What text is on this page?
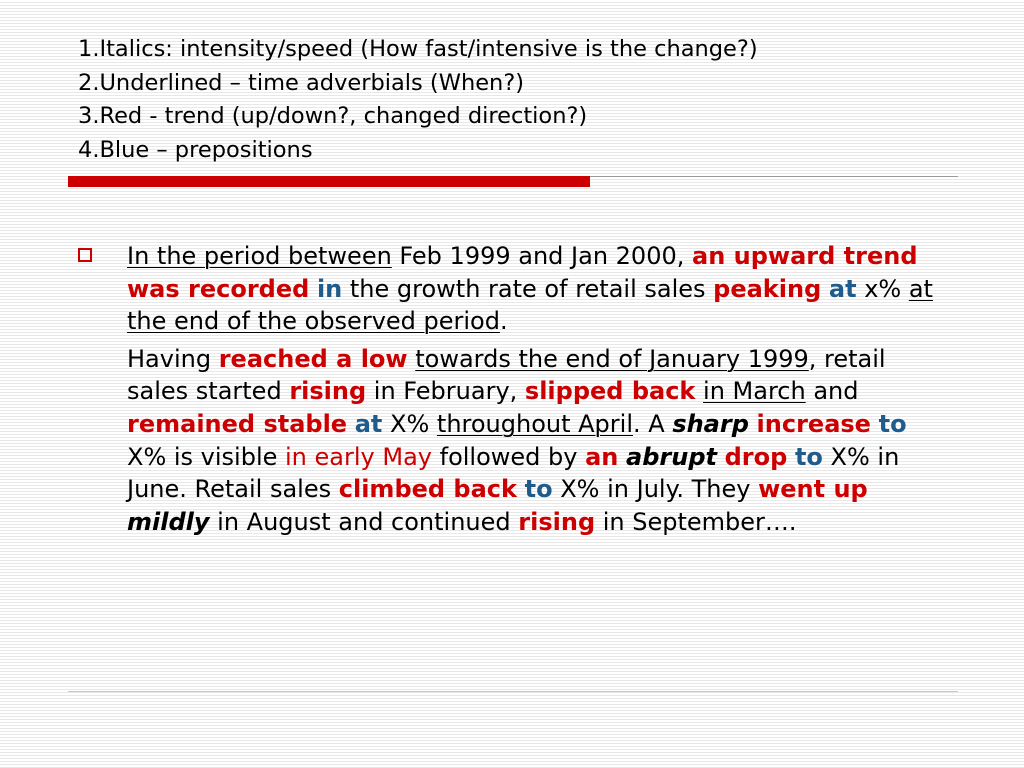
1.Italics: intensity/speed (How fast/intensive is the change?)
2.Underlined – time adverbials (When?)
3.Red - trend (up/down?, changed direction?)
4.Blue – prepositions

In the period between Feb 1999 and Jan 2000, an upward trend was recorded in the growth rate of retail sales peaking at x% at the end of the observed period.

Having reached a low towards the end of January 1999, retail sales started rising in February, slipped back in March and remained stable at X% throughout April. A sharp increase to X% is visible in early May followed by an abrupt drop to X% in June. Retail sales climbed back to X% in July. They went up mildly in August and continued rising in September….
